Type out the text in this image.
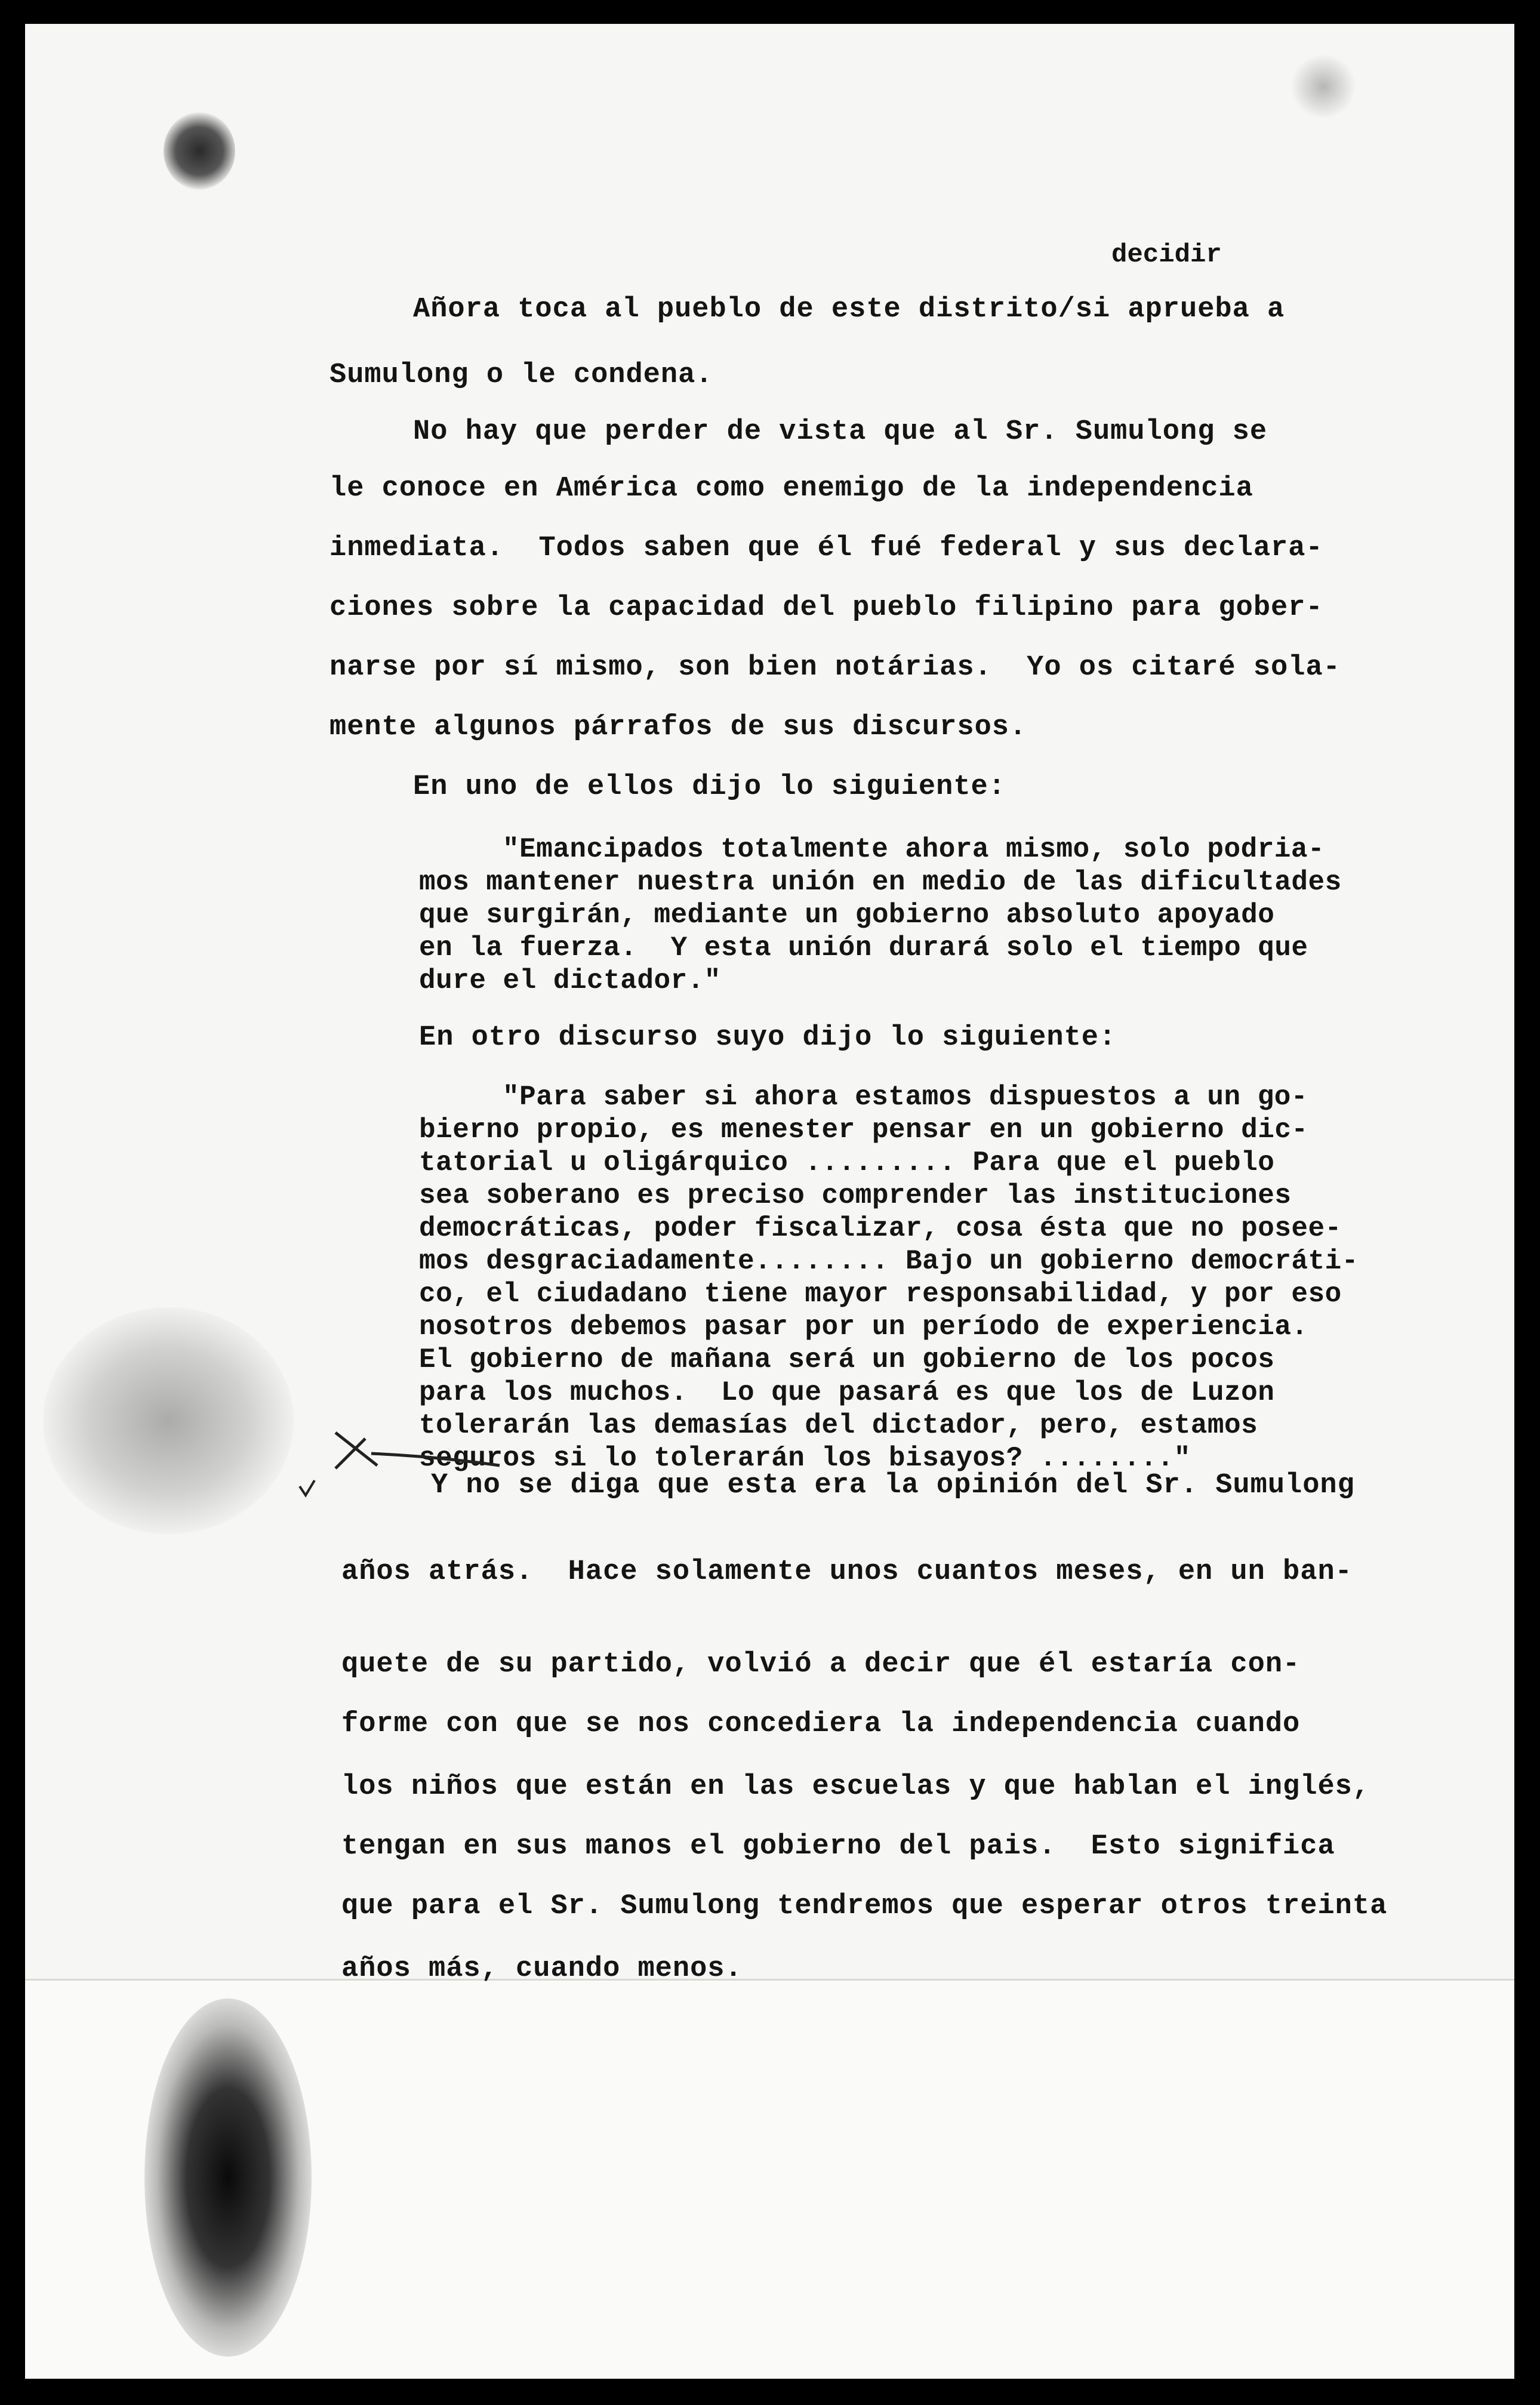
decidir

Añora toca al pueblo de este distrito/si aprueba a

Sumulong o le condena.

No hay que perder de vista que al Sr. Sumulong se

le conoce en América como enemigo de la independencia

inmediata.  Todos saben que él fué federal y sus declara-

ciones sobre la capacidad del pueblo filipino para gober-

narse por sí mismo, son bien notárias.  Yo os citaré sola-

mente algunos párrafos de sus discursos.

En uno de ellos dijo lo siguiente:

"Emancipados totalmente ahora mismo, solo podria-

mos mantener nuestra unión en medio de las dificultades

que surgirán, mediante un gobierno absoluto apoyado

en la fuerza.  Y esta unión durará solo el tiempo que

dure el dictador."

En otro discurso suyo dijo lo siguiente:

"Para saber si ahora estamos dispuestos a un go-

bierno propio, es menester pensar en un gobierno dic-

tatorial u oligárquico ......... Para que el pueblo

sea soberano es preciso comprender las instituciones

democráticas, poder fiscalizar, cosa ésta que no posee-

mos desgraciadamente........ Bajo un gobierno democráti-

co, el ciudadano tiene mayor responsabilidad, y por eso

nosotros debemos pasar por un período de experiencia.

El gobierno de mañana será un gobierno de los pocos

para los muchos.  Lo que pasará es que los de Luzon

tolerarán las demasías del dictador, pero, estamos

seguros si lo tolerarán los bisayos? ........"

Y no se diga que esta era la opinión del Sr. Sumulong

años atrás.  Hace solamente unos cuantos meses, en un ban-

quete de su partido, volvió a decir que él estaría con-

forme con que se nos concediera la independencia cuando

los niños que están en las escuelas y que hablan el inglés,

tengan en sus manos el gobierno del pais.  Esto significa

que para el Sr. Sumulong tendremos que esperar otros treinta

años más, cuando menos.
